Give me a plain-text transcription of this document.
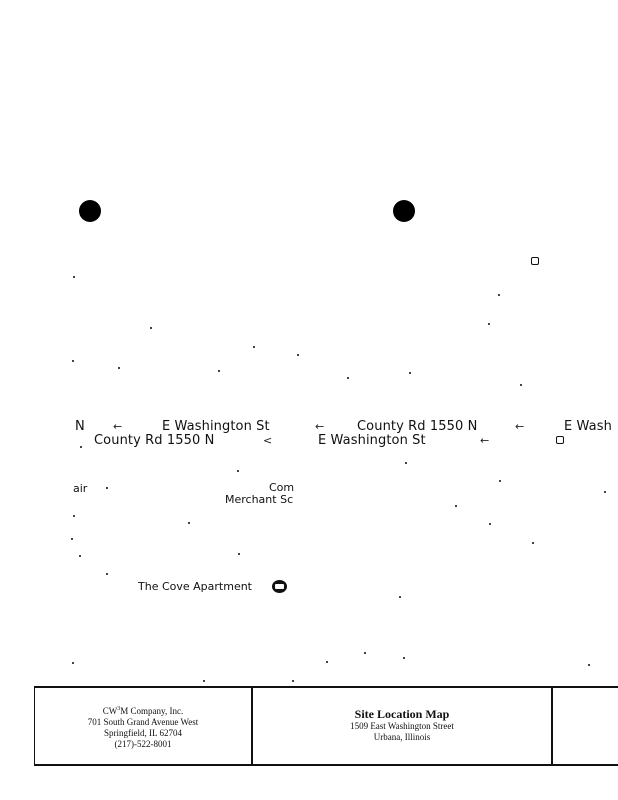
N	←	E Washington St	←	County Rd 1550 N	←	E Wash
County Rd 1550 N	<	E Washington St	←
air	Com
Merchant Sc
The Cove Apartment
$CW^3M$ Company, Inc.
701 South Grand Avenue West
Springfield, IL 62704
(217)-522-8001
Site Location Map
1509 East Washington Street
Urbana, Illinois
